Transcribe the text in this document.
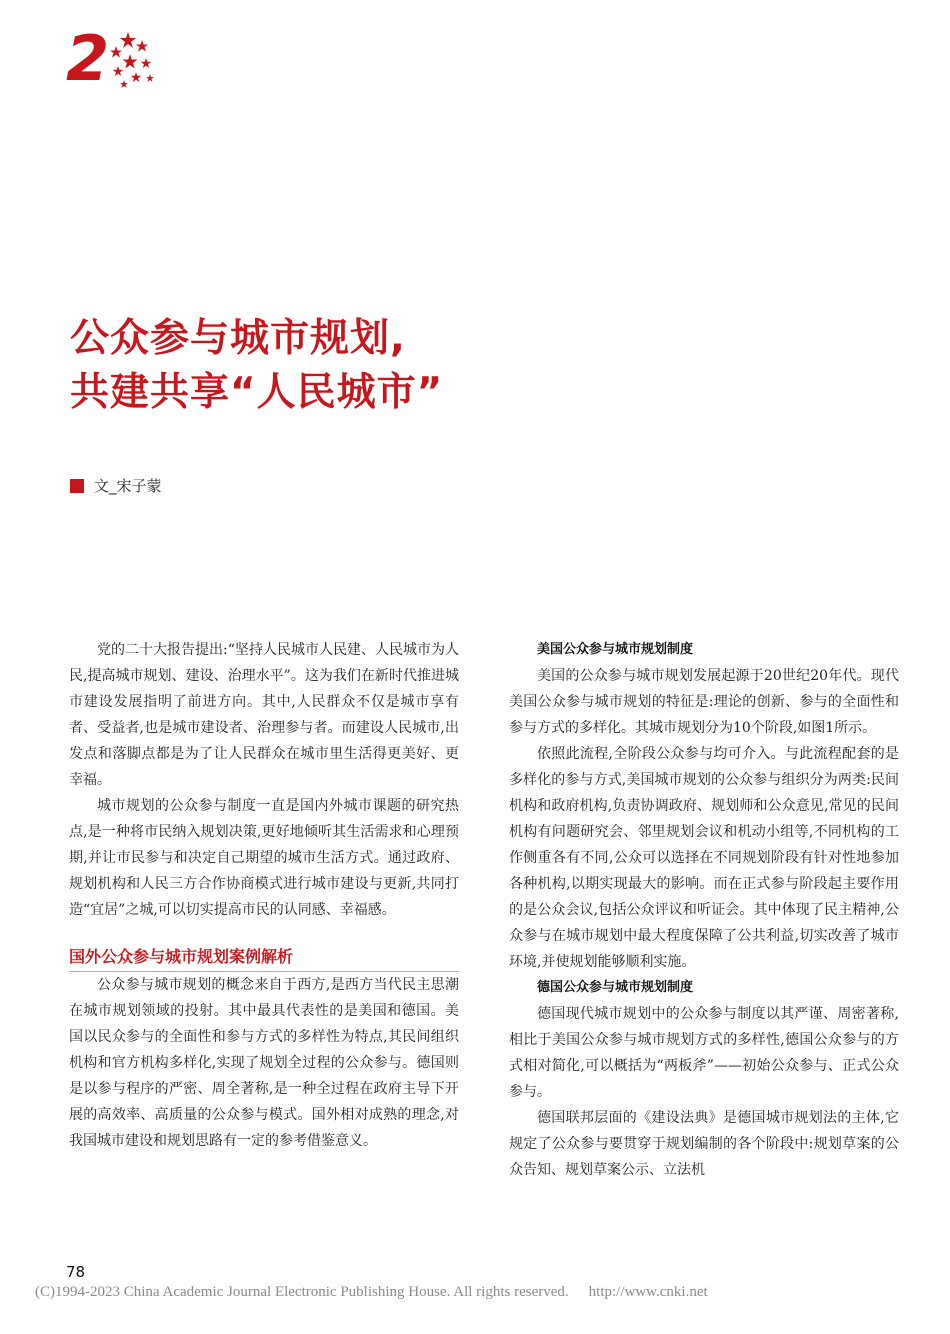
2
公众参与城市规划,
共建共享“人民城市”
文_宋子蒙

党的二十大报告提出:“坚持人民城市人民建、人民城市为人民,提高城市规划、建设、治理水平”。这为我们在新时代推进城市建设发展指明了前进方向。其中,人民群众不仅是城市享有者、受益者,也是城市建设者、治理参与者。而建设人民城市,出发点和落脚点都是为了让人民群众在城市里生活得更美好、更幸福。

城市规划的公众参与制度一直是国内外城市课题的研究热点,是一种将市民纳入规划决策,更好地倾听其生活需求和心理预期,并让市民参与和决定自己期望的城市生活方式。通过政府、规划机构和人民三方合作协商模式进行城市建设与更新,共同打造“宜居”之城,可以切实提高市民的认同感、幸福感。

国外公众参与城市规划案例解析

公众参与城市规划的概念来自于西方,是西方当代民主思潮在城市规划领域的投射。其中最具代表性的是美国和德国。美国以民众参与的全面性和参与方式的多样性为特点,其民间组织机构和官方机构多样化,实现了规划全过程的公众参与。德国则是以参与程序的严密、周全著称,是一种全过程在政府主导下开展的高效率、高质量的公众参与模式。国外相对成熟的理念,对我国城市建设和规划思路有一定的参考借鉴意义。

美国公众参与城市规划制度

美国的公众参与城市规划发展起源于20世纪20年代。现代美国公众参与城市规划的特征是:理论的创新、参与的全面性和参与方式的多样化。其城市规划分为10个阶段,如图1所示。

依照此流程,全阶段公众参与均可介入。与此流程配套的是多样化的参与方式,美国城市规划的公众参与组织分为两类:民间机构和政府机构,负责协调政府、规划师和公众意见,常见的民间机构有问题研究会、邻里规划会议和机动小组等,不同机构的工作侧重各有不同,公众可以选择在不同规划阶段有针对性地参加各种机构,以期实现最大的影响。而在正式参与阶段起主要作用的是公众会议,包括公众评议和听证会。其中体现了民主精神,公众参与在城市规划中最大程度保障了公共利益,切实改善了城市环境,并使规划能够顺利实施。

德国公众参与城市规划制度

德国现代城市规划中的公众参与制度以其严谨、周密著称,相比于美国公众参与城市规划方式的多样性,德国公众参与的方式相对简化,可以概括为“两板斧”——初始公众参与、正式公众参与。

德国联邦层面的《建设法典》是德国城市规划法的主体,它规定了公众参与要贯穿于规划编制的各个阶段中:规划草案的公众告知、规划草案公示、立法机

78
(C)1994-2023 China Academic Journal Electronic Publishing House. All rights reserved. http://www.cnki.net
